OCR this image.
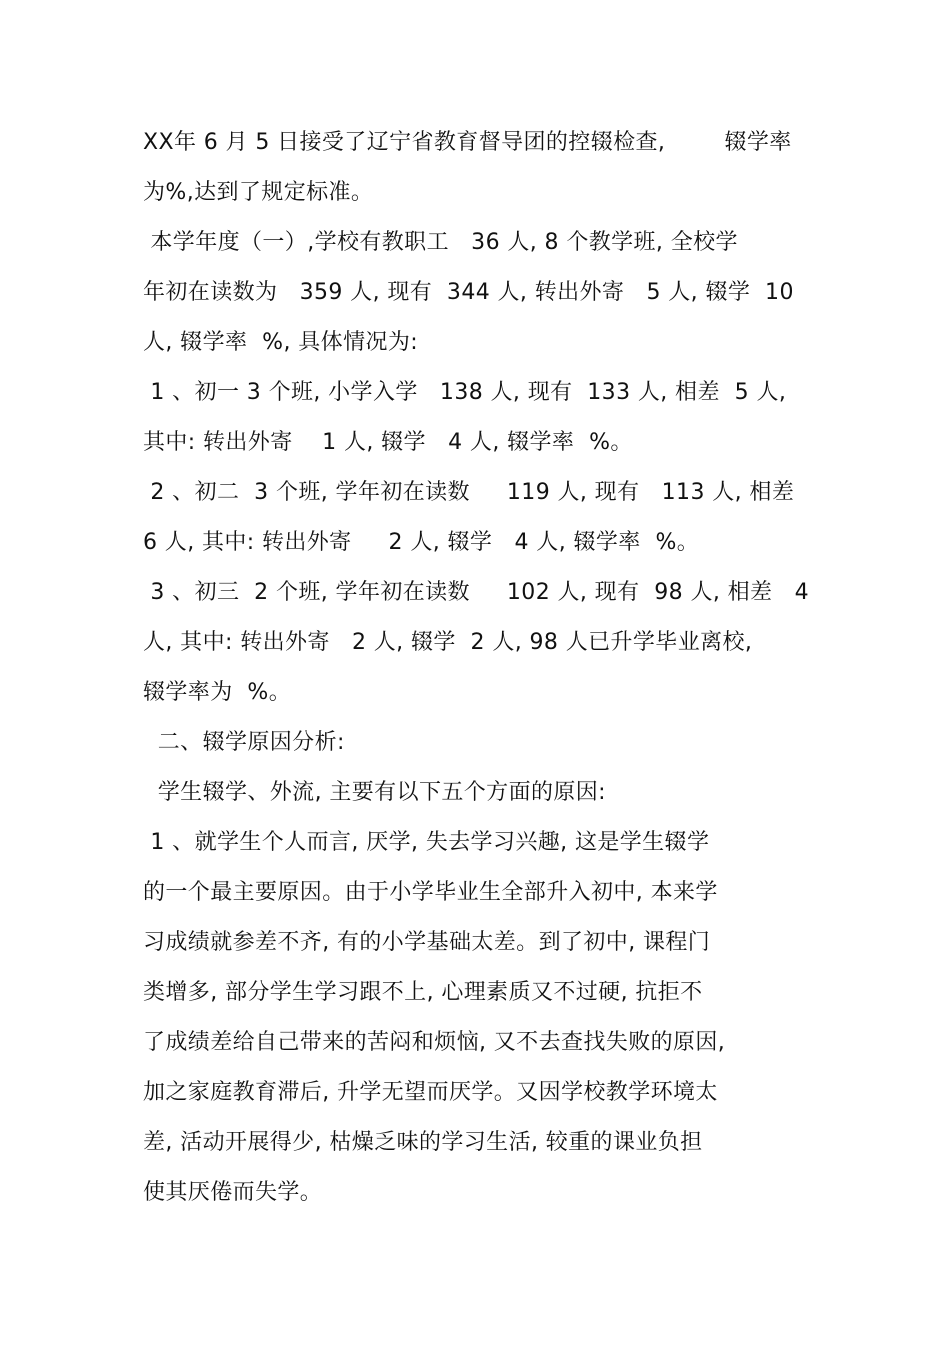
XX年 6 月 5 日接受了辽宁省教育督导团的控辍检查,        辍学率
为%,达到了规定标准。
本学年度（一）,学校有教职工   36 人, 8 个教学班, 全校学
年初在读数为   359 人, 现有  344 人, 转出外寄   5 人, 辍学  10
人, 辍学率  %, 具体情况为:
1 、初一 3 个班, 小学入学   138 人, 现有  133 人, 相差  5 人,
其中: 转出外寄    1 人, 辍学   4 人, 辍学率  %。
2 、初二  3 个班, 学年初在读数     119 人, 现有   113 人, 相差
6 人, 其中: 转出外寄     2 人, 辍学   4 人, 辍学率  %。
3 、初三  2 个班, 学年初在读数     102 人, 现有  98 人, 相差   4
人, 其中: 转出外寄   2 人, 辍学  2 人, 98 人已升学毕业离校,
辍学率为  %。
二、辍学原因分析:
学生辍学、外流, 主要有以下五个方面的原因:
1 、就学生个人而言, 厌学, 失去学习兴趣, 这是学生辍学
的一个最主要原因。由于小学毕业生全部升入初中, 本来学
习成绩就参差不齐, 有的小学基础太差。到了初中, 课程门
类增多, 部分学生学习跟不上, 心理素质又不过硬, 抗拒不
了成绩差给自己带来的苦闷和烦恼, 又不去查找失败的原因,
加之家庭教育滞后, 升学无望而厌学。又因学校教学环境太
差, 活动开展得少, 枯燥乏味的学习生活, 较重的课业负担
使其厌倦而失学。
